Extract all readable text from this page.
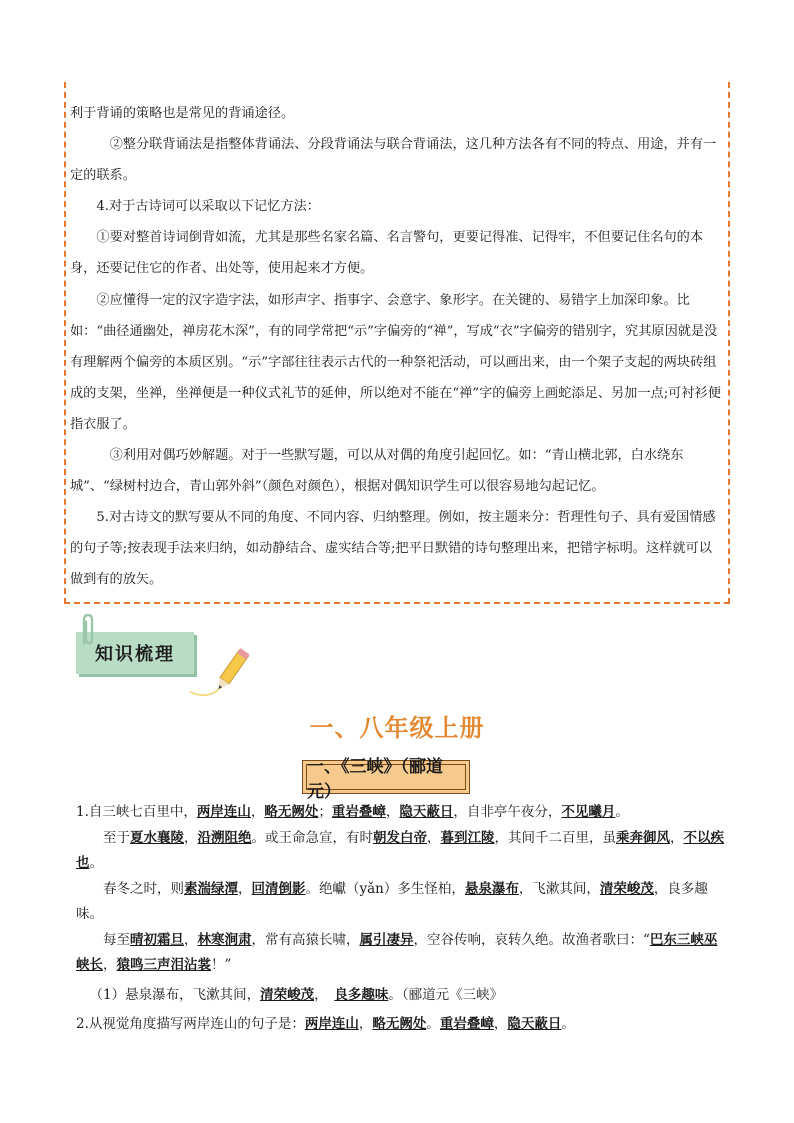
利于背诵的策略也是常见的背诵途径。

②整分联背诵法是指整体背诵法、分段背诵法与联合背诵法，这几种方法各有不同的特点、用途，并有一定的联系。

4.对于古诗词可以采取以下记忆方法：

①要对整首诗词倒背如流，尤其是那些名家名篇、名言警句，更要记得准、记得牢，不但要记住名句的本身，还要记住它的作者、出处等，使用起来才方便。

②应懂得一定的汉字造字法，如形声字、指事字、会意字、象形字。在关键的、易错字上加深印象。比如：“曲径通幽处，禅房花木深”，有的同学常把“示”字偏旁的“禅”，写成“衣”字偏旁的错别字，究其原因就是没有理解两个偏旁的本质区别。“示”字部往往表示古代的一种祭祀活动，可以画出来，由一个架子支起的两块砖组成的支架，坐禅，坐禅便是一种仪式礼节的延伸，所以绝对不能在“禅”字的偏旁上画蛇添足、另加一点;可衬衫便指衣服了。

③利用对偶巧妙解题。对于一些默写题，可以从对偶的角度引起回忆。如：“青山横北郭，白水绕东城”、“绿树村边合，青山郭外斜”（颜色对颜色），根据对偶知识学生可以很容易地勾起记忆。

5.对古诗文的默写要从不同的角度、不同内容、归纳整理。例如，按主题来分：哲理性句子、具有爱国情感的句子等;按表现手法来归纳，如动静结合、虚实结合等;把平日默错的诗句整理出来，把错字标明。这样就可以做到有的放矢。

知识梳理
一、八年级上册
一、《三峡》（郦道元）

1.自三峡七百里中，两岸连山，略无阙处；重岩叠嶂，隐天蔽日，自非亭午夜分，不见曦月。

至于夏水襄陵，沿溯阻绝。或王命急宣，有时朝发白帝，暮到江陵，其间千二百里，虽乘奔御风，不以疾也。

春冬之时，则素湍绿潭，回清倒影。绝巘（yǎn）多生怪柏，悬泉瀑布，飞漱其间，清荣峻茂，良多趣味。

每至晴初霜旦，林寒涧肃，常有高猿长啸，属引凄异，空谷传响，哀转久绝。故渔者歌曰：“巴东三峡巫峡长，猿鸣三声泪沾裳！”

（1）悬泉瀑布，飞漱其间，清荣峻茂，　良多趣味。（郦道元《三峡》

2.从视觉角度描写两岸连山的句子是：两岸连山，略无阙处。重岩叠嶂，隐天蔽日。
